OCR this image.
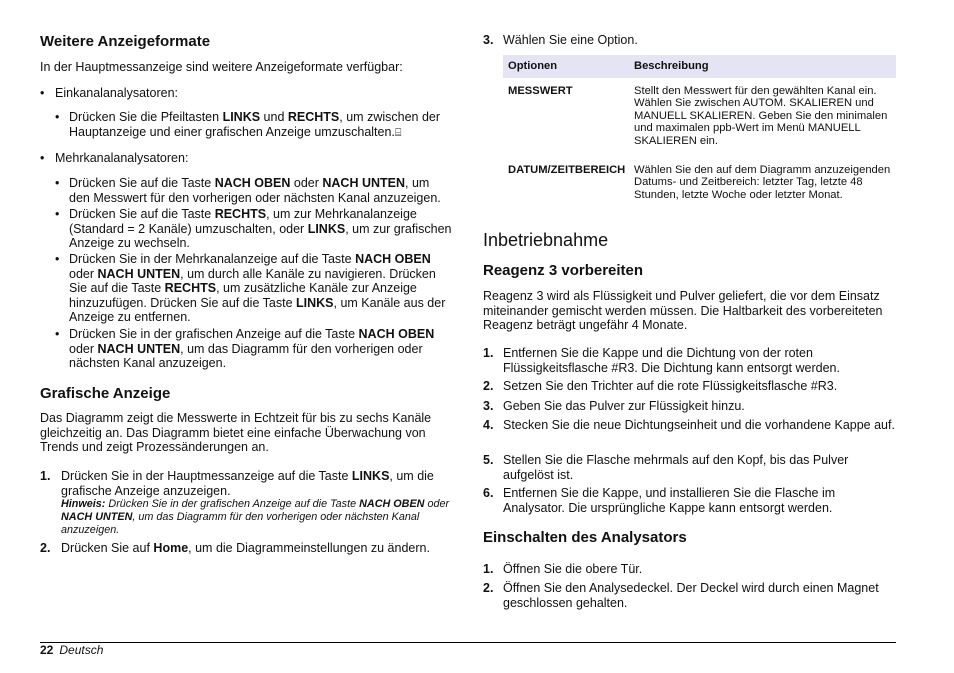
Weitere Anzeigeformate
In der Hauptmessanzeige sind weitere Anzeigeformate verfügbar:
• Einkanalanalysatoren:
• Drücken Sie die Pfeiltasten LINKS und RECHTS, um zwischen der Hauptanzeige und einer grafischen Anzeige umzuschalten.⌸
• Mehrkanalanalysatoren:
• Drücken Sie auf die Taste NACH OBEN oder NACH UNTEN, um den Messwert für den vorherigen oder nächsten Kanal anzuzeigen.
• Drücken Sie auf die Taste RECHTS, um zur Mehrkanalanzeige (Standard = 2 Kanäle) umzuschalten, oder LINKS, um zur grafischen Anzeige zu wechseln.
• Drücken Sie in der Mehrkanalanzeige auf die Taste NACH OBEN oder NACH UNTEN, um durch alle Kanäle zu navigieren. Drücken Sie auf die Taste RECHTS, um zusätzliche Kanäle zur Anzeige hinzuzufügen. Drücken Sie auf die Taste LINKS, um Kanäle aus der Anzeige zu entfernen.
• Drücken Sie in der grafischen Anzeige auf die Taste NACH OBEN oder NACH UNTEN, um das Diagramm für den vorherigen oder nächsten Kanal anzuzeigen.
Grafische Anzeige
Das Diagramm zeigt die Messwerte in Echtzeit für bis zu sechs Kanäle gleichzeitig an. Das Diagramm bietet eine einfache Überwachung von Trends und zeigt Prozessänderungen an.
1. Drücken Sie in der Hauptmessanzeige auf die Taste LINKS, um die grafische Anzeige anzuzeigen.
Hinweis: Drücken Sie in der grafischen Anzeige auf die Taste NACH OBEN oder NACH UNTEN, um das Diagramm für den vorherigen oder nächsten Kanal anzuzeigen.
2. Drücken Sie auf Home, um die Diagrammeinstellungen zu ändern.
3. Wählen Sie eine Option.
Optionen	Beschreibung
MESSWERT	Stellt den Messwert für den gewählten Kanal ein. Wählen Sie zwischen AUTOM. SKALIEREN und MANUELL SKALIEREN. Geben Sie den minimalen und maximalen ppb-Wert im Menü MANUELL SKALIEREN ein.
DATUM/ZEITBEREICH	Wählen Sie den auf dem Diagramm anzuzeigenden Datums- und Zeitbereich: letzter Tag, letzte 48 Stunden, letzte Woche oder letzter Monat.
Inbetriebnahme
Reagenz 3 vorbereiten
Reagenz 3 wird als Flüssigkeit und Pulver geliefert, die vor dem Einsatz miteinander gemischt werden müssen. Die Haltbarkeit des vorbereiteten Reagenz beträgt ungefähr 4 Monate.
1. Entfernen Sie die Kappe und die Dichtung von der roten Flüssigkeitsflasche #R3. Die Dichtung kann entsorgt werden.
2. Setzen Sie den Trichter auf die rote Flüssigkeitsflasche #R3.
3. Geben Sie das Pulver zur Flüssigkeit hinzu.
4. Stecken Sie die neue Dichtungseinheit und die vorhandene Kappe auf.
5. Stellen Sie die Flasche mehrmals auf den Kopf, bis das Pulver aufgelöst ist.
6. Entfernen Sie die Kappe, und installieren Sie die Flasche im Analysator. Die ursprüngliche Kappe kann entsorgt werden.
Einschalten des Analysators
1. Öffnen Sie die obere Tür.
2. Öffnen Sie den Analysedeckel. Der Deckel wird durch einen Magnet geschlossen gehalten.
22 Deutsch
